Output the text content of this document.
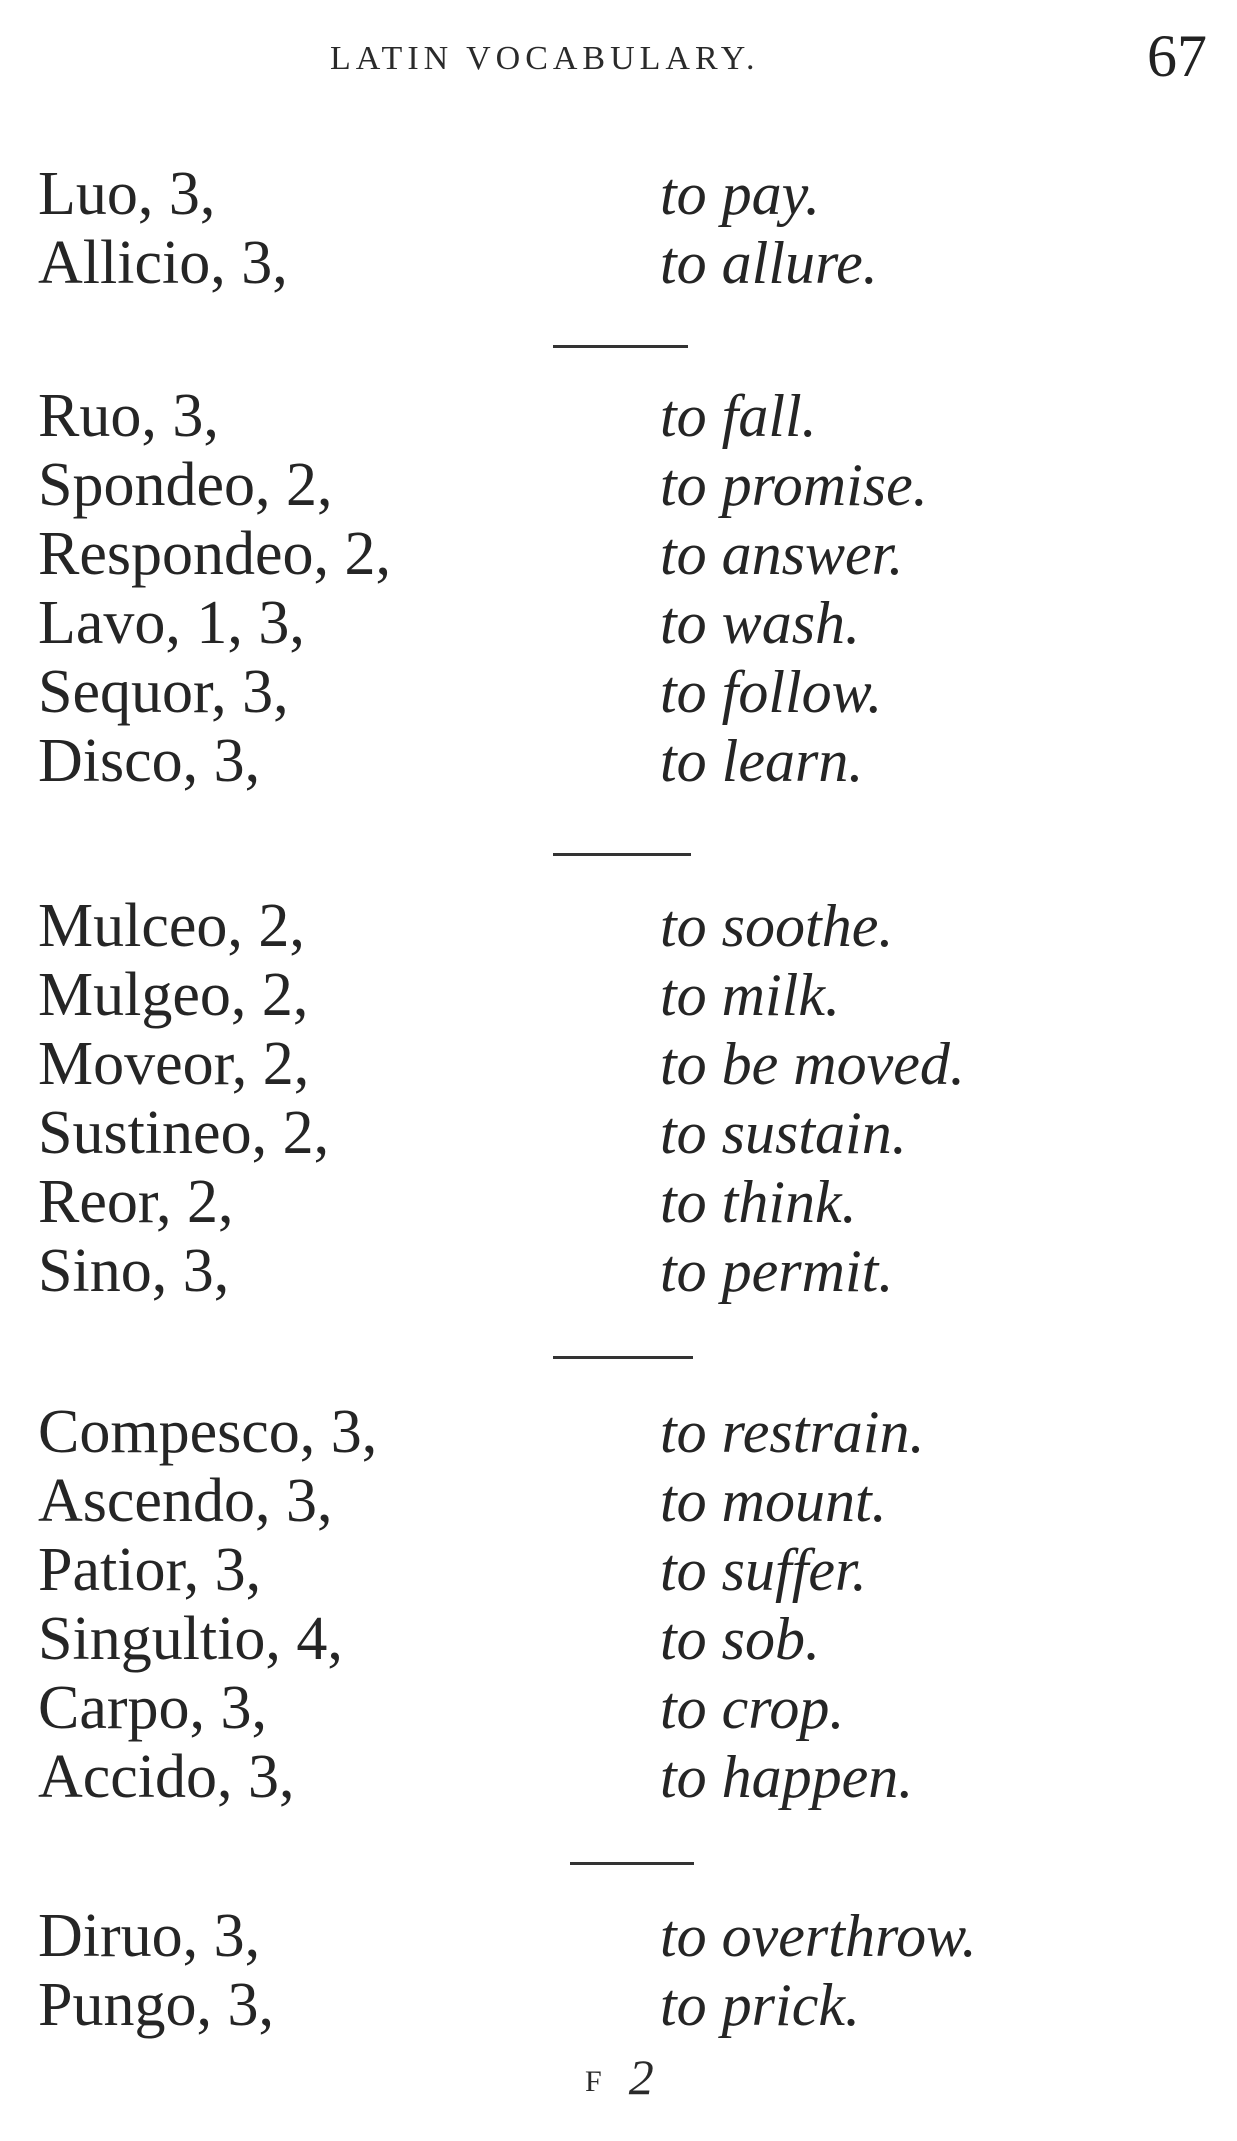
LATIN VOCABULARY.	67
Luo, 3,	to pay.
Allicio, 3,	to allure.
Ruo, 3,	to fall.
Spondeo, 2,	to promise.
Respondeo, 2,	to answer.
Lavo, 1, 3,	to wash.
Sequor, 3,	to follow.
Disco, 3,	to learn.
Mulceo, 2,	to soothe.
Mulgeo, 2,	to milk.
Moveor, 2,	to be moved.
Sustineo, 2,	to sustain.
Reor, 2,	to think.
Sino, 3,	to permit.
Compesco, 3,	to restrain.
Ascendo, 3,	to mount.
Patior, 3,	to suffer.
Singultio, 4,	to sob.
Carpo, 3,	to crop.
Accido, 3,	to happen.
Diruo, 3,	to overthrow.
Pungo, 3,	to prick.
F 2
